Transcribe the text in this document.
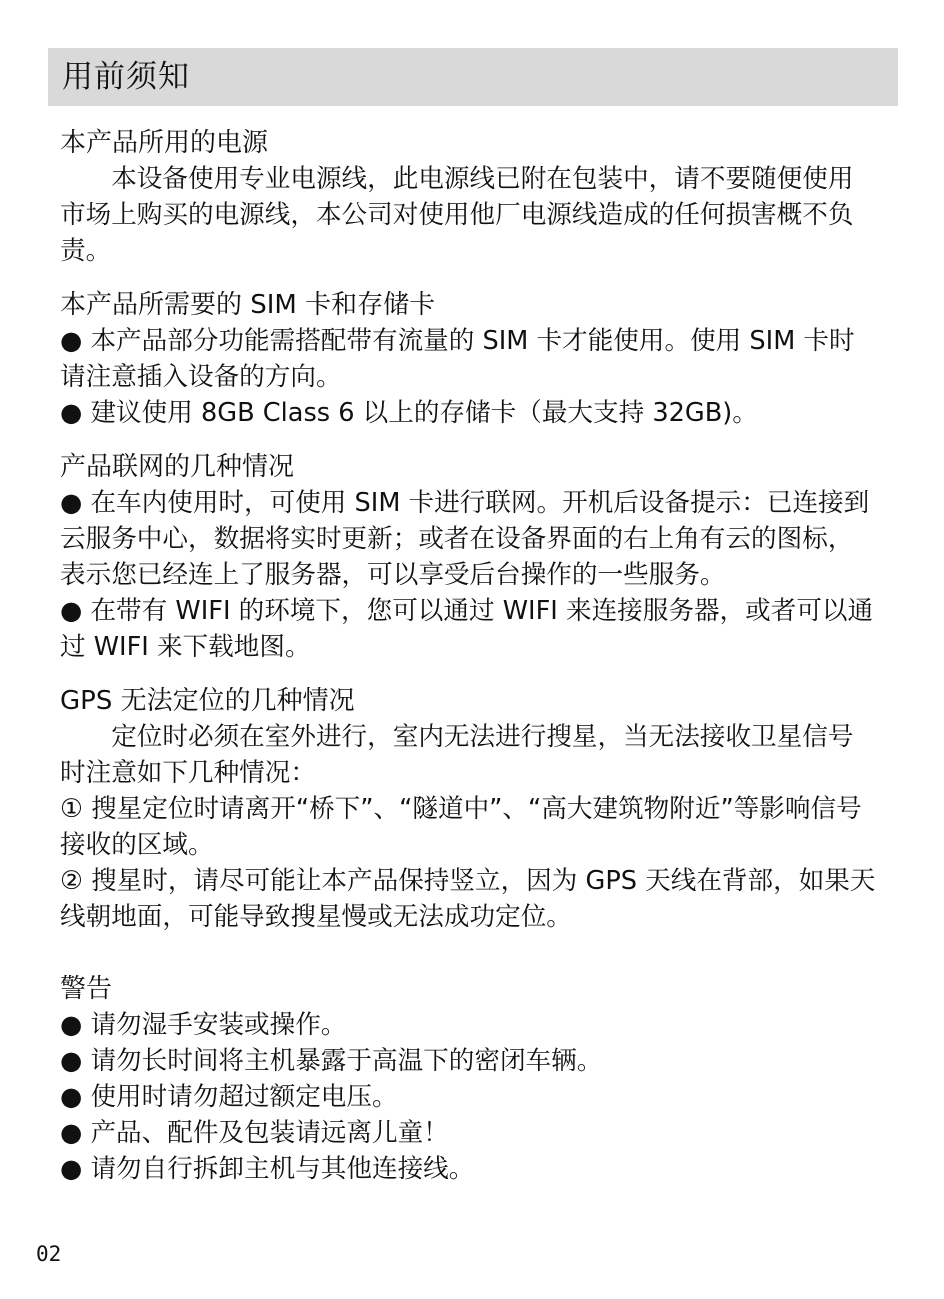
用前须知

本产品所用的电源

本设备使用专业电源线，此电源线已附在包装中，请不要随便使用市场上购买的电源线，本公司对使用他厂电源线造成的任何损害概不负责。

本产品所需要的 SIM 卡和存储卡

● 本产品部分功能需搭配带有流量的 SIM 卡才能使用。使用 SIM 卡时请注意插入设备的方向。

● 建议使用 8GB Class 6 以上的存储卡（最大支持 32GB)。

产品联网的几种情况

● 在车内使用时，可使用 SIM 卡进行联网。开机后设备提示：已连接到云服务中心，数据将实时更新；或者在设备界面的右上角有云的图标，表示您已经连上了服务器，可以享受后台操作的一些服务。

● 在带有 WIFI 的环境下，您可以通过 WIFI 来连接服务器，或者可以通过 WIFI 来下载地图。

GPS 无法定位的几种情况

定位时必须在室外进行，室内无法进行搜星，当无法接收卫星信号时注意如下几种情况：

① 搜星定位时请离开“桥下”、“隧道中”、“高大建筑物附近”等影响信号接收的区域。

② 搜星时，请尽可能让本产品保持竖立，因为 GPS 天线在背部，如果天线朝地面，可能导致搜星慢或无法成功定位。

警告

● 请勿湿手安装或操作。

● 请勿长时间将主机暴露于高温下的密闭车辆。

● 使用时请勿超过额定电压。

● 产品、配件及包装请远离儿童！

● 请勿自行拆卸主机与其他连接线。

02
